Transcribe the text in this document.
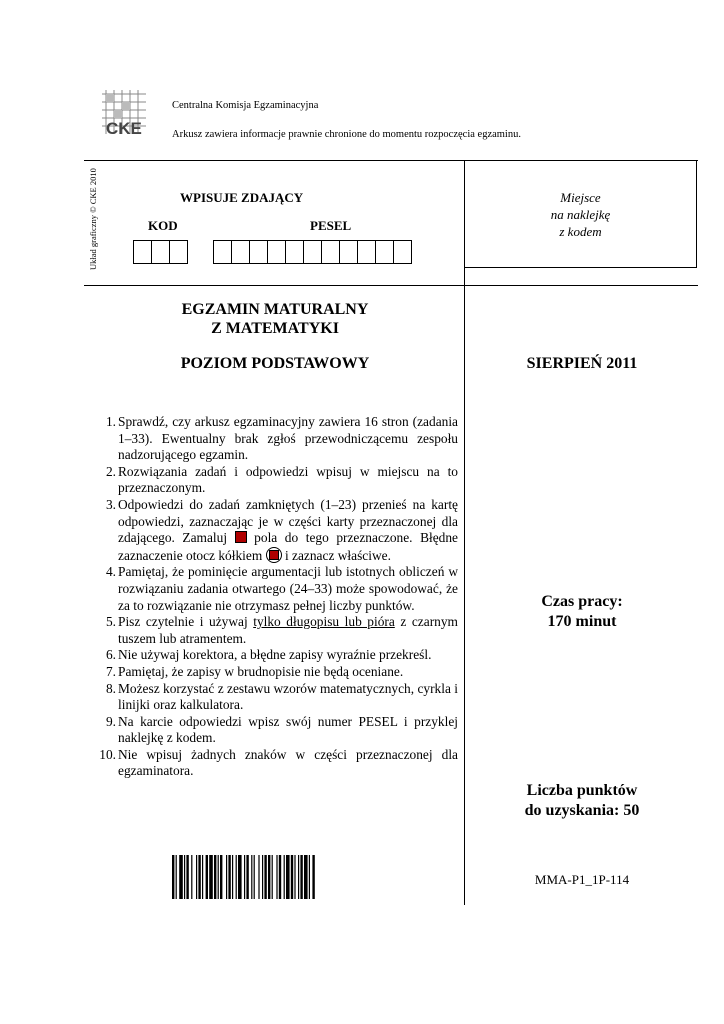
CKE
Centralna Komisja Egzaminacyjna
Arkusz zawiera informacje prawnie chronione do momentu rozpoczęcia egzaminu.
Układ graficzny © CKE 2010	WPISUJE ZDAJĄCY
KOD	PESEL
Miejsce
na naklejkę
z kodem
EGZAMIN MATURALNY
Z MATEMATYKI
POZIOM PODSTAWOWY	SIERPIEŃ 2011
1. Sprawdź, czy arkusz egzaminacyjny zawiera 16 stron (zadania 1–33). Ewentualny brak zgłoś przewodniczącemu zespołu nadzorującego egzamin.
2. Rozwiązania zadań i odpowiedzi wpisuj w miejscu na to przeznaczonym.
3. Odpowiedzi do zadań zamkniętych (1–23) przenieś na kartę odpowiedzi, zaznaczając je w części karty przeznaczonej dla zdającego. Zamaluj pola do tego przeznaczone. Błędne zaznaczenie otocz kółkiem i zaznacz właściwe.
4. Pamiętaj, że pominięcie argumentacji lub istotnych obliczeń w rozwiązaniu zadania otwartego (24–33) może spowodować, że za to rozwiązanie nie otrzymasz pełnej liczby punktów.
5. Pisz czytelnie i używaj tylko długopisu lub pióra z czarnym tuszem lub atramentem.
6. Nie używaj korektora, a błędne zapisy wyraźnie przekreśl.
7. Pamiętaj, że zapisy w brudnopisie nie będą oceniane.
8. Możesz korzystać z zestawu wzorów matematycznych, cyrkla i linijki oraz kalkulatora.
9. Na karcie odpowiedzi wpisz swój numer PESEL i przyklej naklejkę z kodem.
10. Nie wpisuj żadnych znaków w części przeznaczonej dla egzaminatora.
Czas pracy:
170 minut
Liczba punktów
do uzyskania: 50
MMA-P1_1P-114
